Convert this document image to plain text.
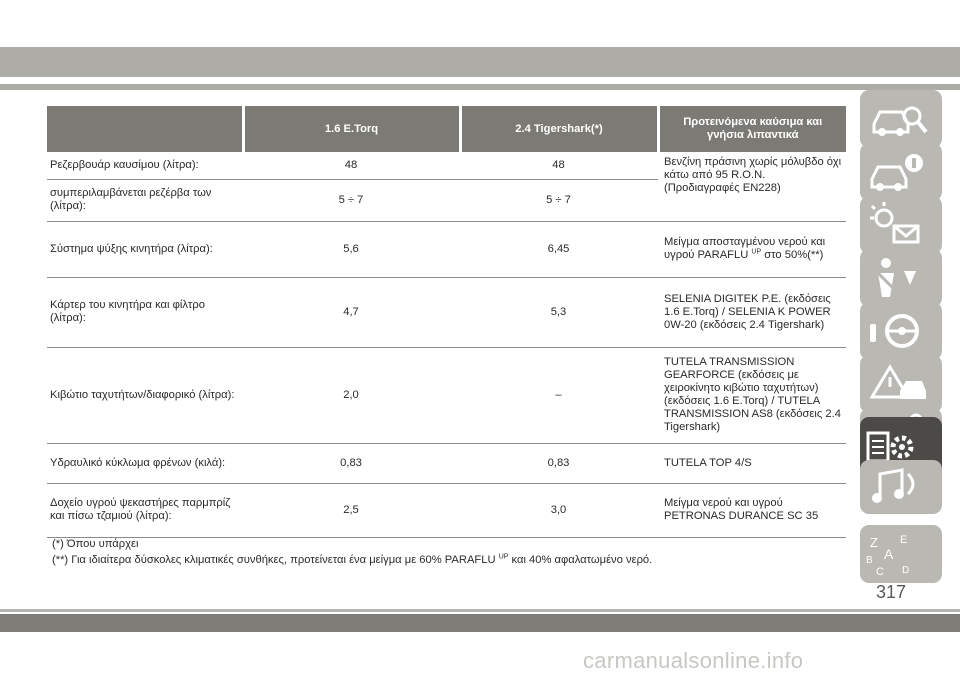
	1.6 E.Torq	2.4 Tigershark(*)	Προτεινόμενα καύσιμα και γνήσια λιπαντικά
Ρεζερβουάρ καυσίμου (λίτρα):	48	48	Βενζίνη πράσινη χωρίς μόλυβδο όχι κάτω από 95 R.O.N. (Προδιαγραφές EN228)
συμπεριλαμβάνεται ρεζέρβα των (λίτρα):	5 ÷ 7	5 ÷ 7	
Σύστημα ψύξης κινητήρα (λίτρα):	5,6	6,45	Μείγμα αποσταγμένου νερού και υγρού PARAFLU $^{UP}$ στο 50%(**)
Κάρτερ του κινητήρα και φίλτρο (λίτρα):	4,7	5,3	SELENIA DIGITEK P.E. (εκδόσεις 1.6 E.Torq) / SELENIA K POWER 0W-20 (εκδόσεις 2.4 Tigershark)
Κιβώτιο ταχυτήτων/διαφορικό (λίτρα):	2,0	–	TUTELA TRANSMISSION GEARFORCE (εκδόσεις με χειροκίνητο κιβώτιο ταχυτήτων) (εκδόσεις 1.6 E.Torq) / TUTELA TRANSMISSION AS8 (εκδόσεις 2.4 Tigershark)
Υδραυλικό κύκλωμα φρένων (κιλά):	0,83	0,83	TUTELA TOP 4/S
Δοχείο υγρού ψεκαστήρες παρμπρίζ και πίσω τζαμιού (λίτρα):	2,5	3,0	Μείγμα νερού και υγρού PETRONAS DURANCE SC 35
(*) Όπου υπάρχει
(**) Για ιδιαίτερα δύσκολες κλιματικές συνθήκες, προτείνεται ένα μείγμα με 60% PARAFLU $^{UP}$ και 40% αφαλατωμένο νερό.
Z E
A
B
C D
317
carmanualsonline.info
